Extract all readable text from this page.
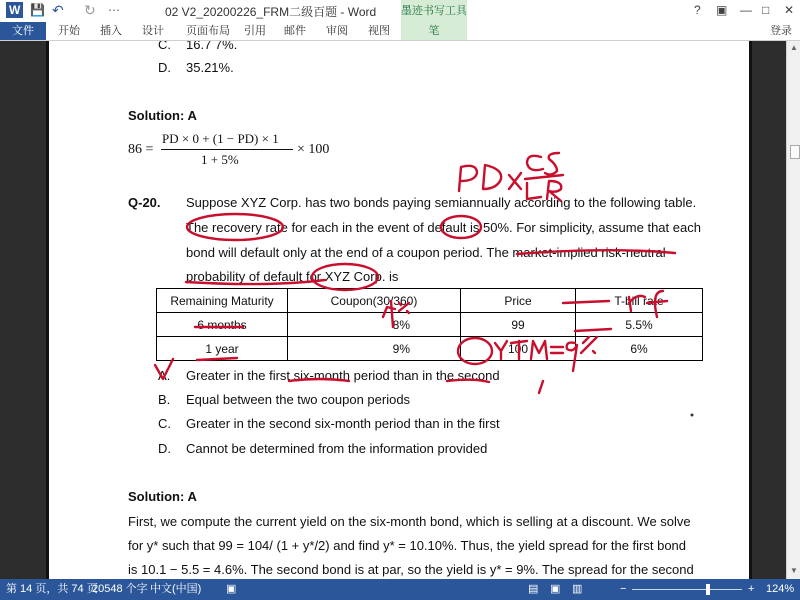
W 💾 ↶ ↻ ⋯	02 V2_20200226_FRM二级百题 - Word 墨迹书写工具	? ▣ — □ ✕
文件	开始 插入 设计 页面布局 引用 邮件 审阅 视图	笔	登录
C. 16.7 7%.
D. 35.21%.
Solution: A
86 =
PD × 0 + (1 − PD) × 1
1 + 5%
× 100
Q-20. Suppose XYZ Corp. has two bonds paying semiannually according to the following table.
The recovery rate for each in the event of default is 50%. For simplicity, assume that each
bond will default only at the end of a coupon period. The market-implied risk-neutral
probability of default for XYZ Corp. is
Remaining Maturity	Coupon(30/360)	Price	T-bill rate
6 months	8%	99	5.5%
1 year	9%	100	6%
A. Greater in the first six-month period than in the second
B. Equal between the two coupon periods
C. Greater in the second six-month period than in the first
D. Cannot be determined from the information provided
Solution: A
First, we compute the current yield on the six-month bond, which is selling at a discount. We solve
for y* such that 99 = 104/ (1 + y*/2) and find y* = 10.10%. Thus, the yield spread for the first bond
is 10.1 − 5.5 = 4.6%. The second bond is at par, so the yield is y* = 9%. The spread for the second
▲
▼
第 14 页，共 74 页
20548 个字 中文(中国) ▣	▤ ▣ ▥	−	+ 124%
